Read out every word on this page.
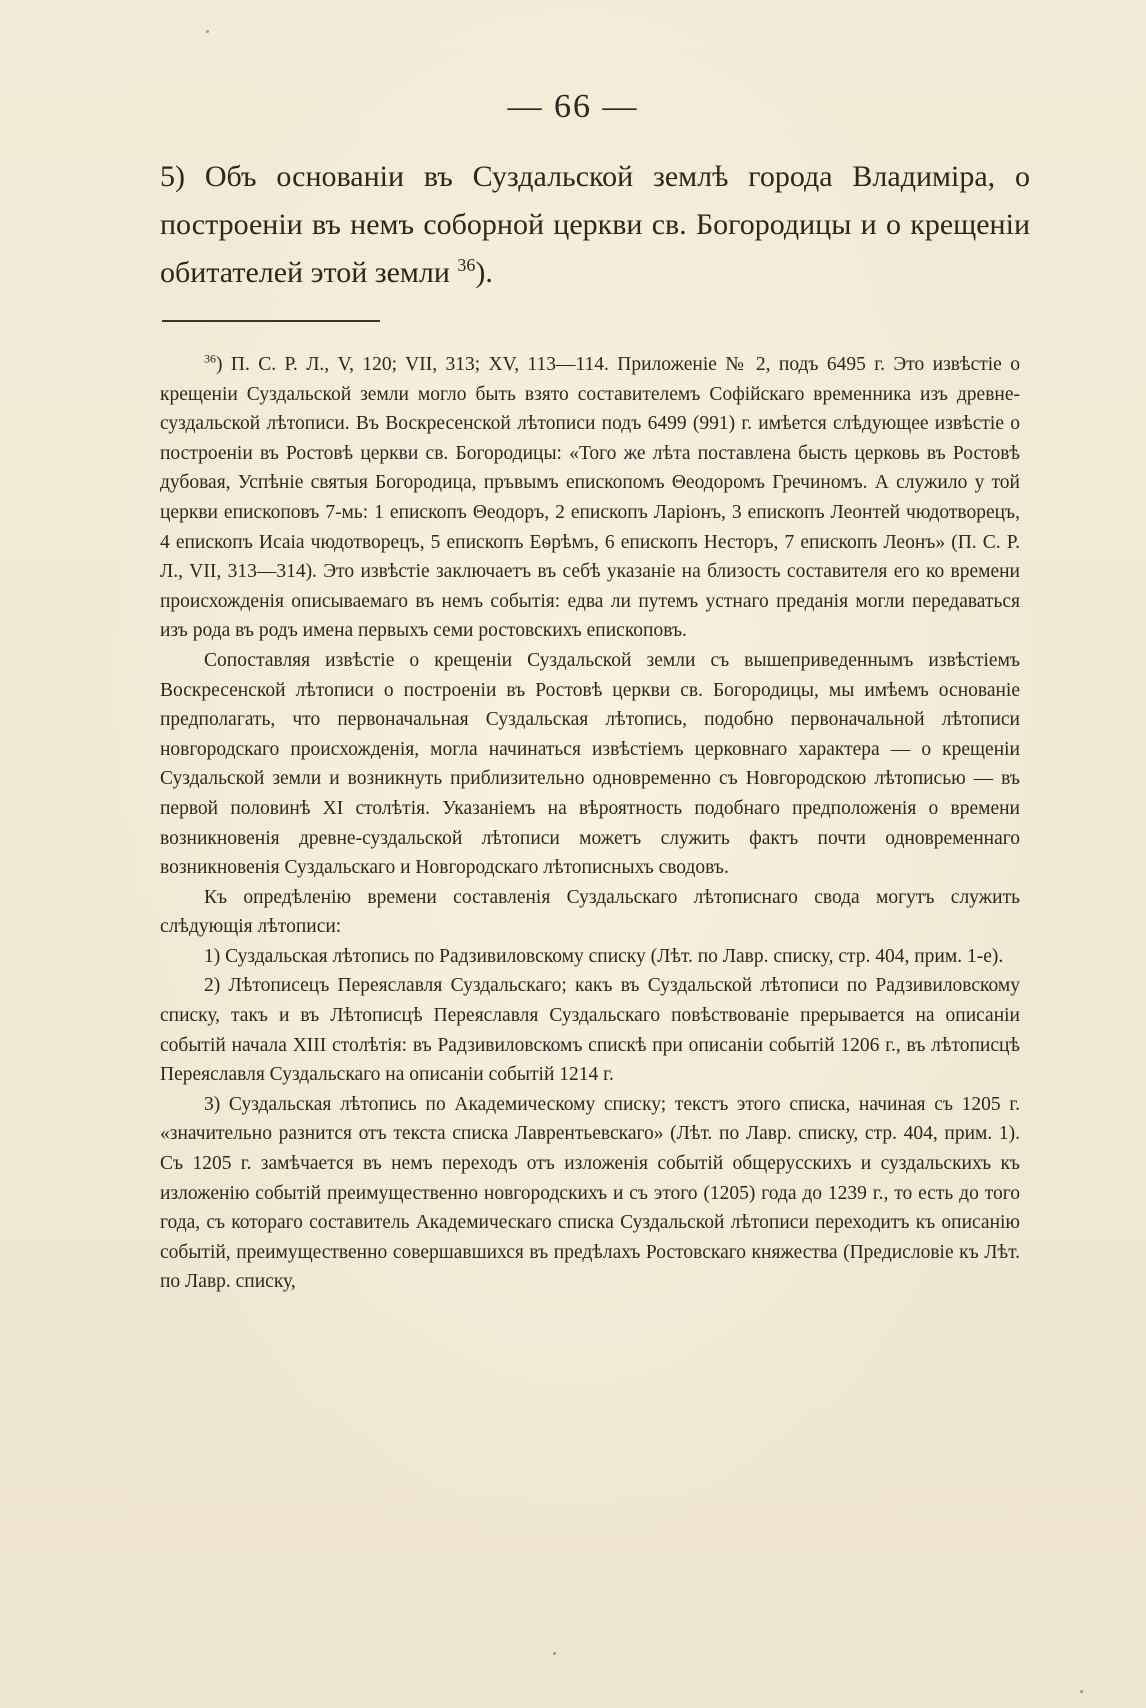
— 66 —
5) Объ основаніи въ Суздальской землѣ города Владиміра, о построеніи въ немъ соборной церкви св. Богородицы и о крещеніи обитателей этой земли $^{36}$).

$^{36}$) П. С. Р. Л., V, 120; VII, 313; XV, 113—114. Приложеніе № 2, подъ 6495 г. Это извѣстіе о крещеніи Суздальской земли могло быть взято составителемъ Софійскаго временника изъ древне-суздальской лѣтописи. Въ Воскресенской лѣтописи подъ 6499 (991) г. имѣется слѣдующее извѣстіе о построеніи въ Ростовѣ церкви св. Богородицы: «Того же лѣта поставлена бысть церковь въ Ростовѣ дубовая, Успѣніе святыя Богородица, пръвымъ епископомъ Θеодоромъ Гречиномъ. А служило у той церкви епископовъ 7-мь: 1 епископъ Θеодоръ, 2 епископъ Ларіонъ, 3 епископъ Леонтей чюдотворецъ, 4 епископъ Исаіа чюдотворецъ, 5 епископъ Еѳрѣмъ, 6 епископъ Несторъ, 7 епископъ Леонъ» (П. С. Р. Л., VII, 313—314). Это извѣстіе заключаетъ въ себѣ указаніе на близость составителя его ко времени происхожденія описываемаго въ немъ событія: едва ли путемъ устнаго преданія могли передаваться изъ рода въ родъ имена первыхъ семи ростовскихъ епископовъ.

Сопоставляя извѣстіе о крещеніи Суздальской земли съ вышеприведеннымъ извѣстіемъ Воскресенской лѣтописи о построеніи въ Ростовѣ церкви св. Богородицы, мы имѣемъ основаніе предполагать, что первоначальная Суздальская лѣтопись, подобно первоначальной лѣтописи новгородскаго происхожденія, могла начинаться извѣстіемъ церковнаго характера — о крещеніи Суздальской земли и возникнуть приблизительно одновременно съ Новгородскою лѣтописью — въ первой половинѣ XI столѣтія. Указаніемъ на вѣроятность подобнаго предположенія о времени возникновенія древне-суздальской лѣтописи можетъ служить фактъ почти одновременнаго возникновенія Суздальскаго и Новгородскаго лѣтописныхъ сводовъ.

Къ опредѣленію времени составленія Суздальскаго лѣтописнаго свода могутъ служить слѣдующія лѣтописи:

1) Суздальская лѣтопись по Радзивиловскому списку (Лѣт. по Лавр. списку, стр. 404, прим. 1-е).

2) Лѣтописецъ Переяславля Суздальскаго; какъ въ Суздальской лѣтописи по Радзивиловскому списку, такъ и въ Лѣтописцѣ Переяславля Суздальскаго повѣствованіе прерывается на описаніи событій начала XIII столѣтія: въ Радзивиловскомъ спискѣ при описаніи событій 1206 г., въ лѣтописцѣ Переяславля Суздальскаго на описаніи событій 1214 г.

3) Суздальская лѣтопись по Академическому списку; текстъ этого списка, начиная съ 1205 г. «значительно разнится отъ текста списка Лаврентьевскаго» (Лѣт. по Лавр. списку, стр. 404, прим. 1). Съ 1205 г. замѣчается въ немъ переходъ отъ изложенія событій общерусскихъ и суздальскихъ къ изложенію событій преимущественно новгородскихъ и съ этого (1205) года до 1239 г., то есть до того года, съ котораго составитель Академическаго списка Суздальской лѣтописи переходитъ къ описанію событій, преимущественно совершавшихся въ предѣлахъ Ростовскаго княжества (Предисловіе къ Лѣт. по Лавр. списку,
